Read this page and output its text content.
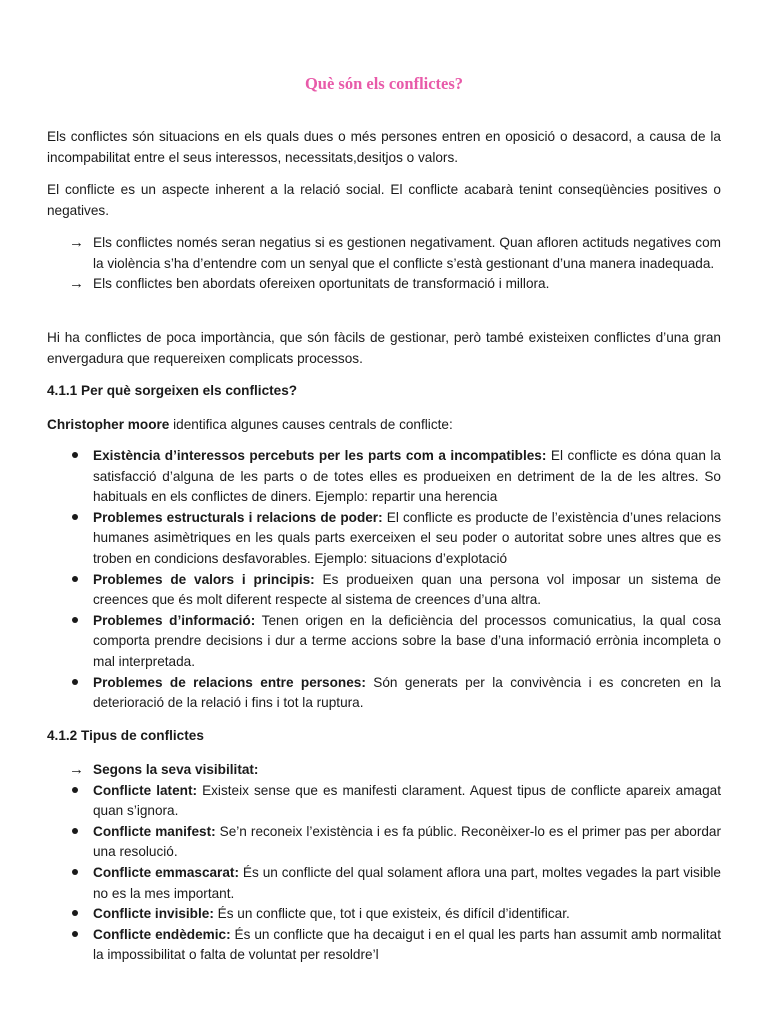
Què són els conflictes?

Els conflictes són situacions en els quals dues o més persones entren en oposició o desacord, a causa de la incompabilitat entre el seus interessos, necessitats,desitjos o valors.

El conflicte es un aspecte inherent a la relació social. El conflicte acabarà tenint conseqüències positives o negatives.

→ Els conflictes només seran negatius si es gestionen negativament. Quan afloren actituds negatives com la violència s’ha d’entendre com un senyal que el conflicte s’està gestionant d’una manera inadequada.
→ Els conflictes ben abordats ofereixen oportunitats de transformació i millora.

Hi ha conflictes de poca importància, que són fàcils de gestionar, però també existeixen conflictes d’una gran envergadura que requereixen complicats processos.

4.1.1 Per què sorgeixen els conflictes?
Christopher moore identifica algunes causes centrals de conflicte:
Existència d’interessos percebuts per les parts com a incompatibles: El conflicte es dóna quan la satisfacció d’alguna de les parts o de totes elles es produeixen en detriment de la de les altres. So habituals en els conflictes de diners. Ejemplo: repartir una herencia
Problemes estructurals i relacions de poder: El conflicte es producte de l’existència d’unes relacions humanes asimètriques en les quals parts exerceixen el seu poder o autoritat sobre unes altres que es troben en condicions desfavorables. Ejemplo: situacions d’explotació
Problemes de valors i principis: Es produeixen quan una persona vol imposar un sistema de creences que és molt diferent respecte al sistema de creences d’una altra.
Problemes d’informació: Tenen origen en la deficiència del processos comunicatius, la qual cosa comporta prendre decisions i dur a terme accions sobre la base d’una informació errònia incompleta o mal interpretada.
Problemes de relacions entre persones: Són generats per la convivència i es concreten en la deterioració de la relació i fins i tot la ruptura.
4.1.2 Tipus de conflictes
→ Segons la seva visibilitat:
Conflicte latent: Existeix sense que es manifesti clarament. Aquest tipus de conflicte apareix amagat quan s’ignora.
Conflicte manifest: Se’n reconeix l’existència i es fa públic. Reconèixer-lo es el primer pas per abordar una resolució.
Conflicte emmascarat: És un conflicte del qual solament aflora una part, moltes vegades la part visible no es la mes important.
Conflicte invisible: És un conflicte que, tot i que existeix, és difícil d’identificar.
Conflicte endèdemic: És un conflicte que ha decaigut i en el qual les parts han assumit amb normalitat la impossibilitat o falta de voluntat per resoldre’l
